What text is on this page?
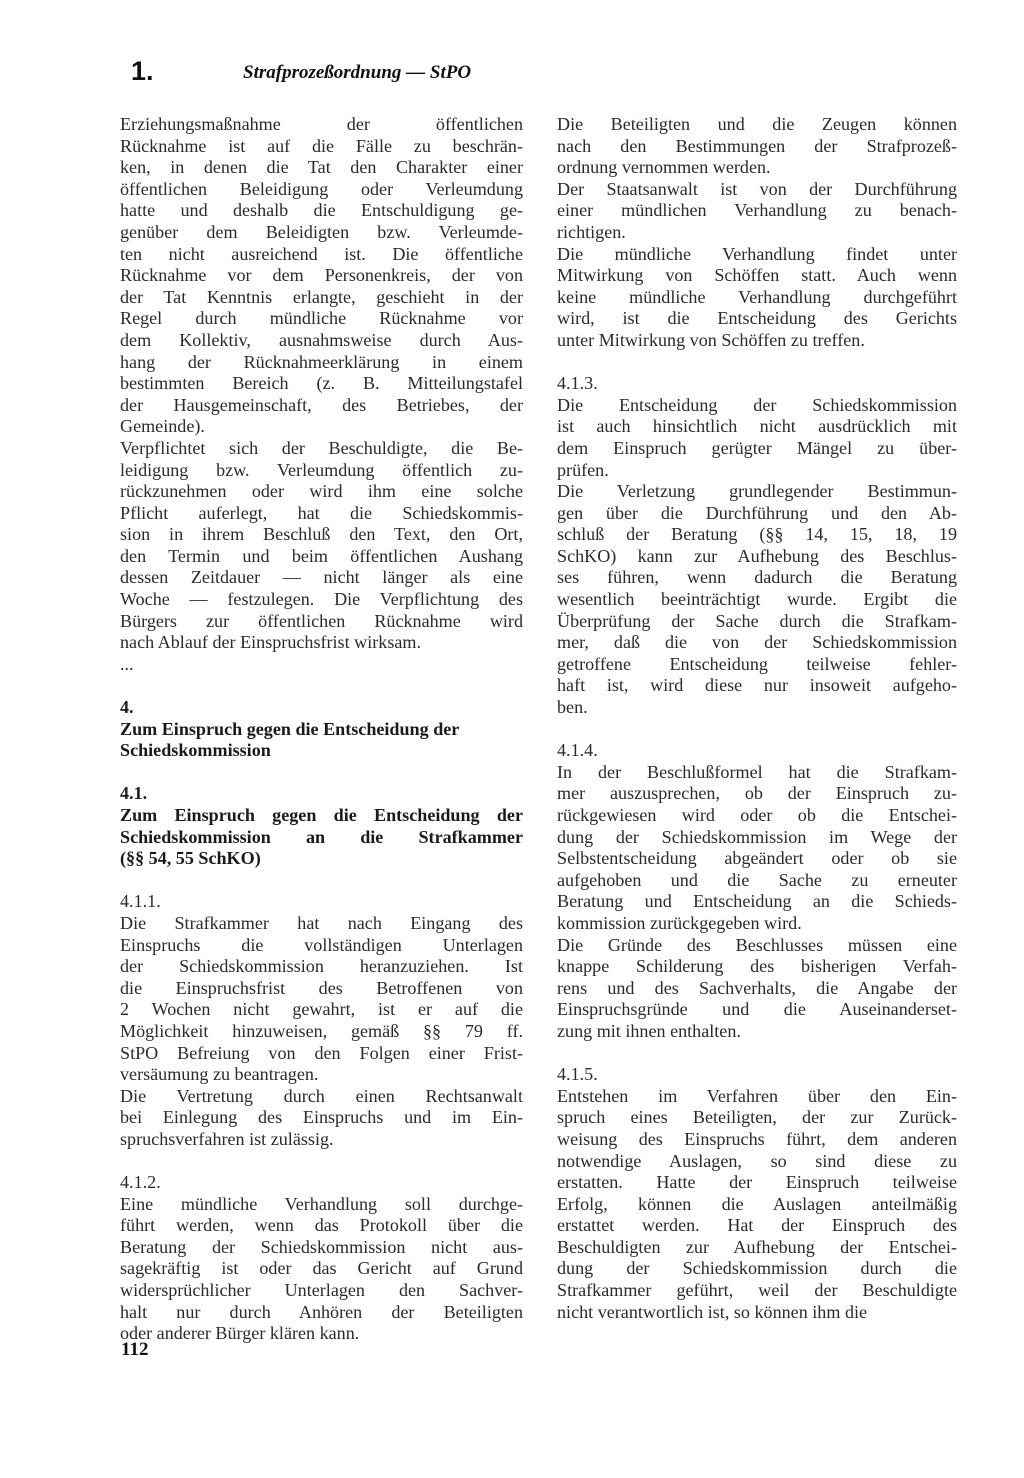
1.	Strafprozeßordnung — StPO
Erziehungsmaßnahme der öffentlichen
Rücknahme ist auf die Fälle zu beschrän-
ken, in denen die Tat den Charakter einer
öffentlichen Beleidigung oder Verleumdung
hatte und deshalb die Entschuldigung ge-
genüber dem Beleidigten bzw. Verleumde-
ten nicht ausreichend ist. Die öffentliche
Rücknahme vor dem Personenkreis, der von
der Tat Kenntnis erlangte, geschieht in der
Regel durch mündliche Rücknahme vor
dem Kollektiv, ausnahmsweise durch Aus-
hang der Rücknahmeerklärung in einem
bestimmten Bereich (z. B. Mitteilungstafel
der Hausgemeinschaft, des Betriebes, der
Gemeinde).
Verpflichtet sich der Beschuldigte, die Be-
leidigung bzw. Verleumdung öffentlich zu-
rückzunehmen oder wird ihm eine solche
Pflicht auferlegt, hat die Schiedskommis-
sion in ihrem Beschluß den Text, den Ort,
den Termin und beim öffentlichen Aushang
dessen Zeitdauer — nicht länger als eine
Woche — festzulegen. Die Verpflichtung des
Bürgers zur öffentlichen Rücknahme wird
nach Ablauf der Einspruchsfrist wirksam.
...
4.
Zum Einspruch gegen die Entscheidung der
Schiedskommission
4.1.
Zum Einspruch gegen die Entscheidung der
Schiedskommission an die Strafkammer
(§§ 54, 55 SchKO)
4.1.1.
Die Strafkammer hat nach Eingang des
Einspruchs die vollständigen Unterlagen
der Schiedskommission heranzuziehen. Ist
die Einspruchsfrist des Betroffenen von
2 Wochen nicht gewahrt, ist er auf die
Möglichkeit hinzuweisen, gemäß §§ 79 ff.
StPO Befreiung von den Folgen einer Frist-
versäumung zu beantragen.
Die Vertretung durch einen Rechtsanwalt
bei Einlegung des Einspruchs und im Ein-
spruchsverfahren ist zulässig.
4.1.2.
Eine mündliche Verhandlung soll durchge-
führt werden, wenn das Protokoll über die
Beratung der Schiedskommission nicht aus-
sagekräftig ist oder das Gericht auf Grund
widersprüchlicher Unterlagen den Sachver-
halt nur durch Anhören der Beteiligten
oder anderer Bürger klären kann.
Die Beteiligten und die Zeugen können
nach den Bestimmungen der Strafprozeß-
ordnung vernommen werden.
Der Staatsanwalt ist von der Durchführung
einer mündlichen Verhandlung zu benach-
richtigen.
Die mündliche Verhandlung findet unter
Mitwirkung von Schöffen statt. Auch wenn
keine mündliche Verhandlung durchgeführt
wird, ist die Entscheidung des Gerichts
unter Mitwirkung von Schöffen zu treffen.
4.1.3.
Die Entscheidung der Schiedskommission
ist auch hinsichtlich nicht ausdrücklich mit
dem Einspruch gerügter Mängel zu über-
prüfen.
Die Verletzung grundlegender Bestimmun-
gen über die Durchführung und den Ab-
schluß der Beratung (§§ 14, 15, 18, 19
SchKO) kann zur Aufhebung des Beschlus-
ses führen, wenn dadurch die Beratung
wesentlich beeinträchtigt wurde. Ergibt die
Überprüfung der Sache durch die Strafkam-
mer, daß die von der Schiedskommission
getroffene Entscheidung teilweise fehler-
haft ist, wird diese nur insoweit aufgeho-
ben.
4.1.4.
In der Beschlußformel hat die Strafkam-
mer auszusprechen, ob der Einspruch zu-
rückgewiesen wird oder ob die Entschei-
dung der Schiedskommission im Wege der
Selbstentscheidung abgeändert oder ob sie
aufgehoben und die Sache zu erneuter
Beratung und Entscheidung an die Schieds-
kommission zurückgegeben wird.
Die Gründe des Beschlusses müssen eine
knappe Schilderung des bisherigen Verfah-
rens und des Sachverhalts, die Angabe der
Einspruchsgründe und die Auseinanderset-
zung mit ihnen enthalten.
4.1.5.
Entstehen im Verfahren über den Ein-
spruch eines Beteiligten, der zur Zurück-
weisung des Einspruchs führt, dem anderen
notwendige Auslagen, so sind diese zu
erstatten. Hatte der Einspruch teilweise
Erfolg, können die Auslagen anteilmäßig
erstattet werden. Hat der Einspruch des
Beschuldigten zur Aufhebung der Entschei-
dung der Schiedskommission durch die
Strafkammer geführt, weil der Beschuldigte
nicht verantwortlich ist, so können ihm die
112
